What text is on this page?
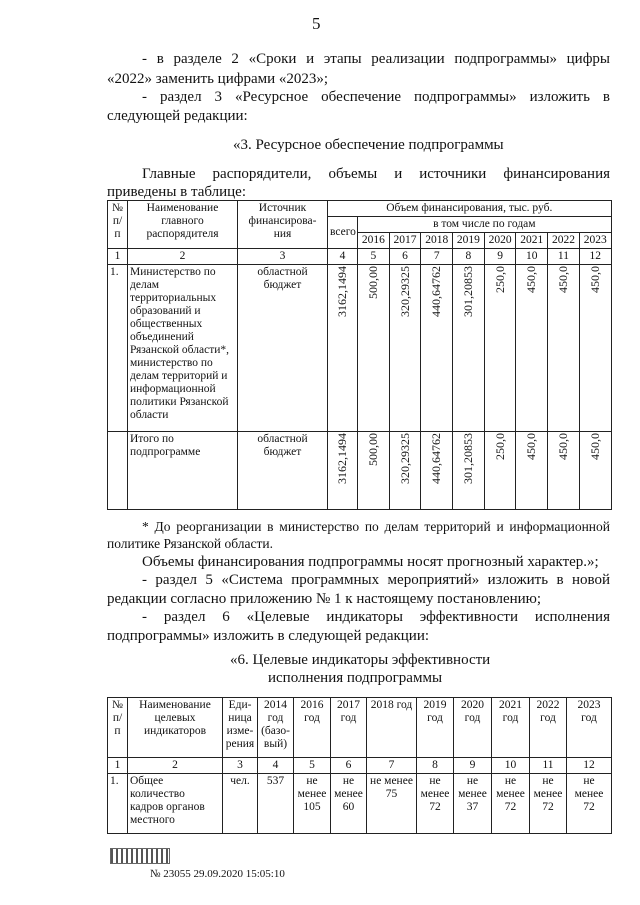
5
- в разделе 2 «Сроки и этапы реализации подпрограммы» цифры
«2022» заменить цифрами «2023»;
- раздел 3 «Ресурсное обеспечение подпрограммы» изложить в
следующей редакции:
«3. Ресурсное обеспечение подпрограммы
Главные распорядители, объемы и источники финансирования
приведены в таблице:
№ п/п	Наименование главного распорядителя	Источник финансирова-ния	Объем финансирования, тыс. руб.								
			всего	в том числе по годам							
				2016	2017	2018	2019	2020	2021	2022	2023
1	2	3	4	5	6	7	8	9	10	11	12
1.	Министерство по делам территориальных образований и общественных объединений Рязанской области*, министерство по делам территорий и информационной политики Рязанской области	областной бюджет	3162,1494	500,00	320,29325	440,64762	301,20853	250,0	450,0	450,0	450,0
	Итого по подпрограмме	областной бюджет	3162,1494	500,00	320,29325	440,64762	301,20853	250,0	450,0	450,0	450,0
* До реорганизации в министерство по делам территорий и информационной
политике Рязанской области.
Объемы финансирования подпрограммы носят прогнозный характер.»;
- раздел 5 «Система программных мероприятий» изложить в новой
редакции согласно приложению № 1 к настоящему постановлению;
- раздел 6 «Целевые индикаторы эффективности исполнения
подпрограммы» изложить в следующей редакции:
«6. Целевые индикаторы эффективности
исполнения подпрограммы
№ п/п	Наименование целевых индикаторов	Еди-ница изме-рения	2014 год (базо-вый)	2016 год	2017 год	2018 год	2019 год	2020 год	2021 год	2022 год	2023 год
1	2	3	4	5	6	7	8	9	10	11	12
1.	Общее количество кадров органов местного	чел.	537	не менее 105	не менее 60	не менее 75	не менее 72	не менее 37	не менее 72	не менее 72	не менее 72
№ 23055 29.09.2020 15:05:10
